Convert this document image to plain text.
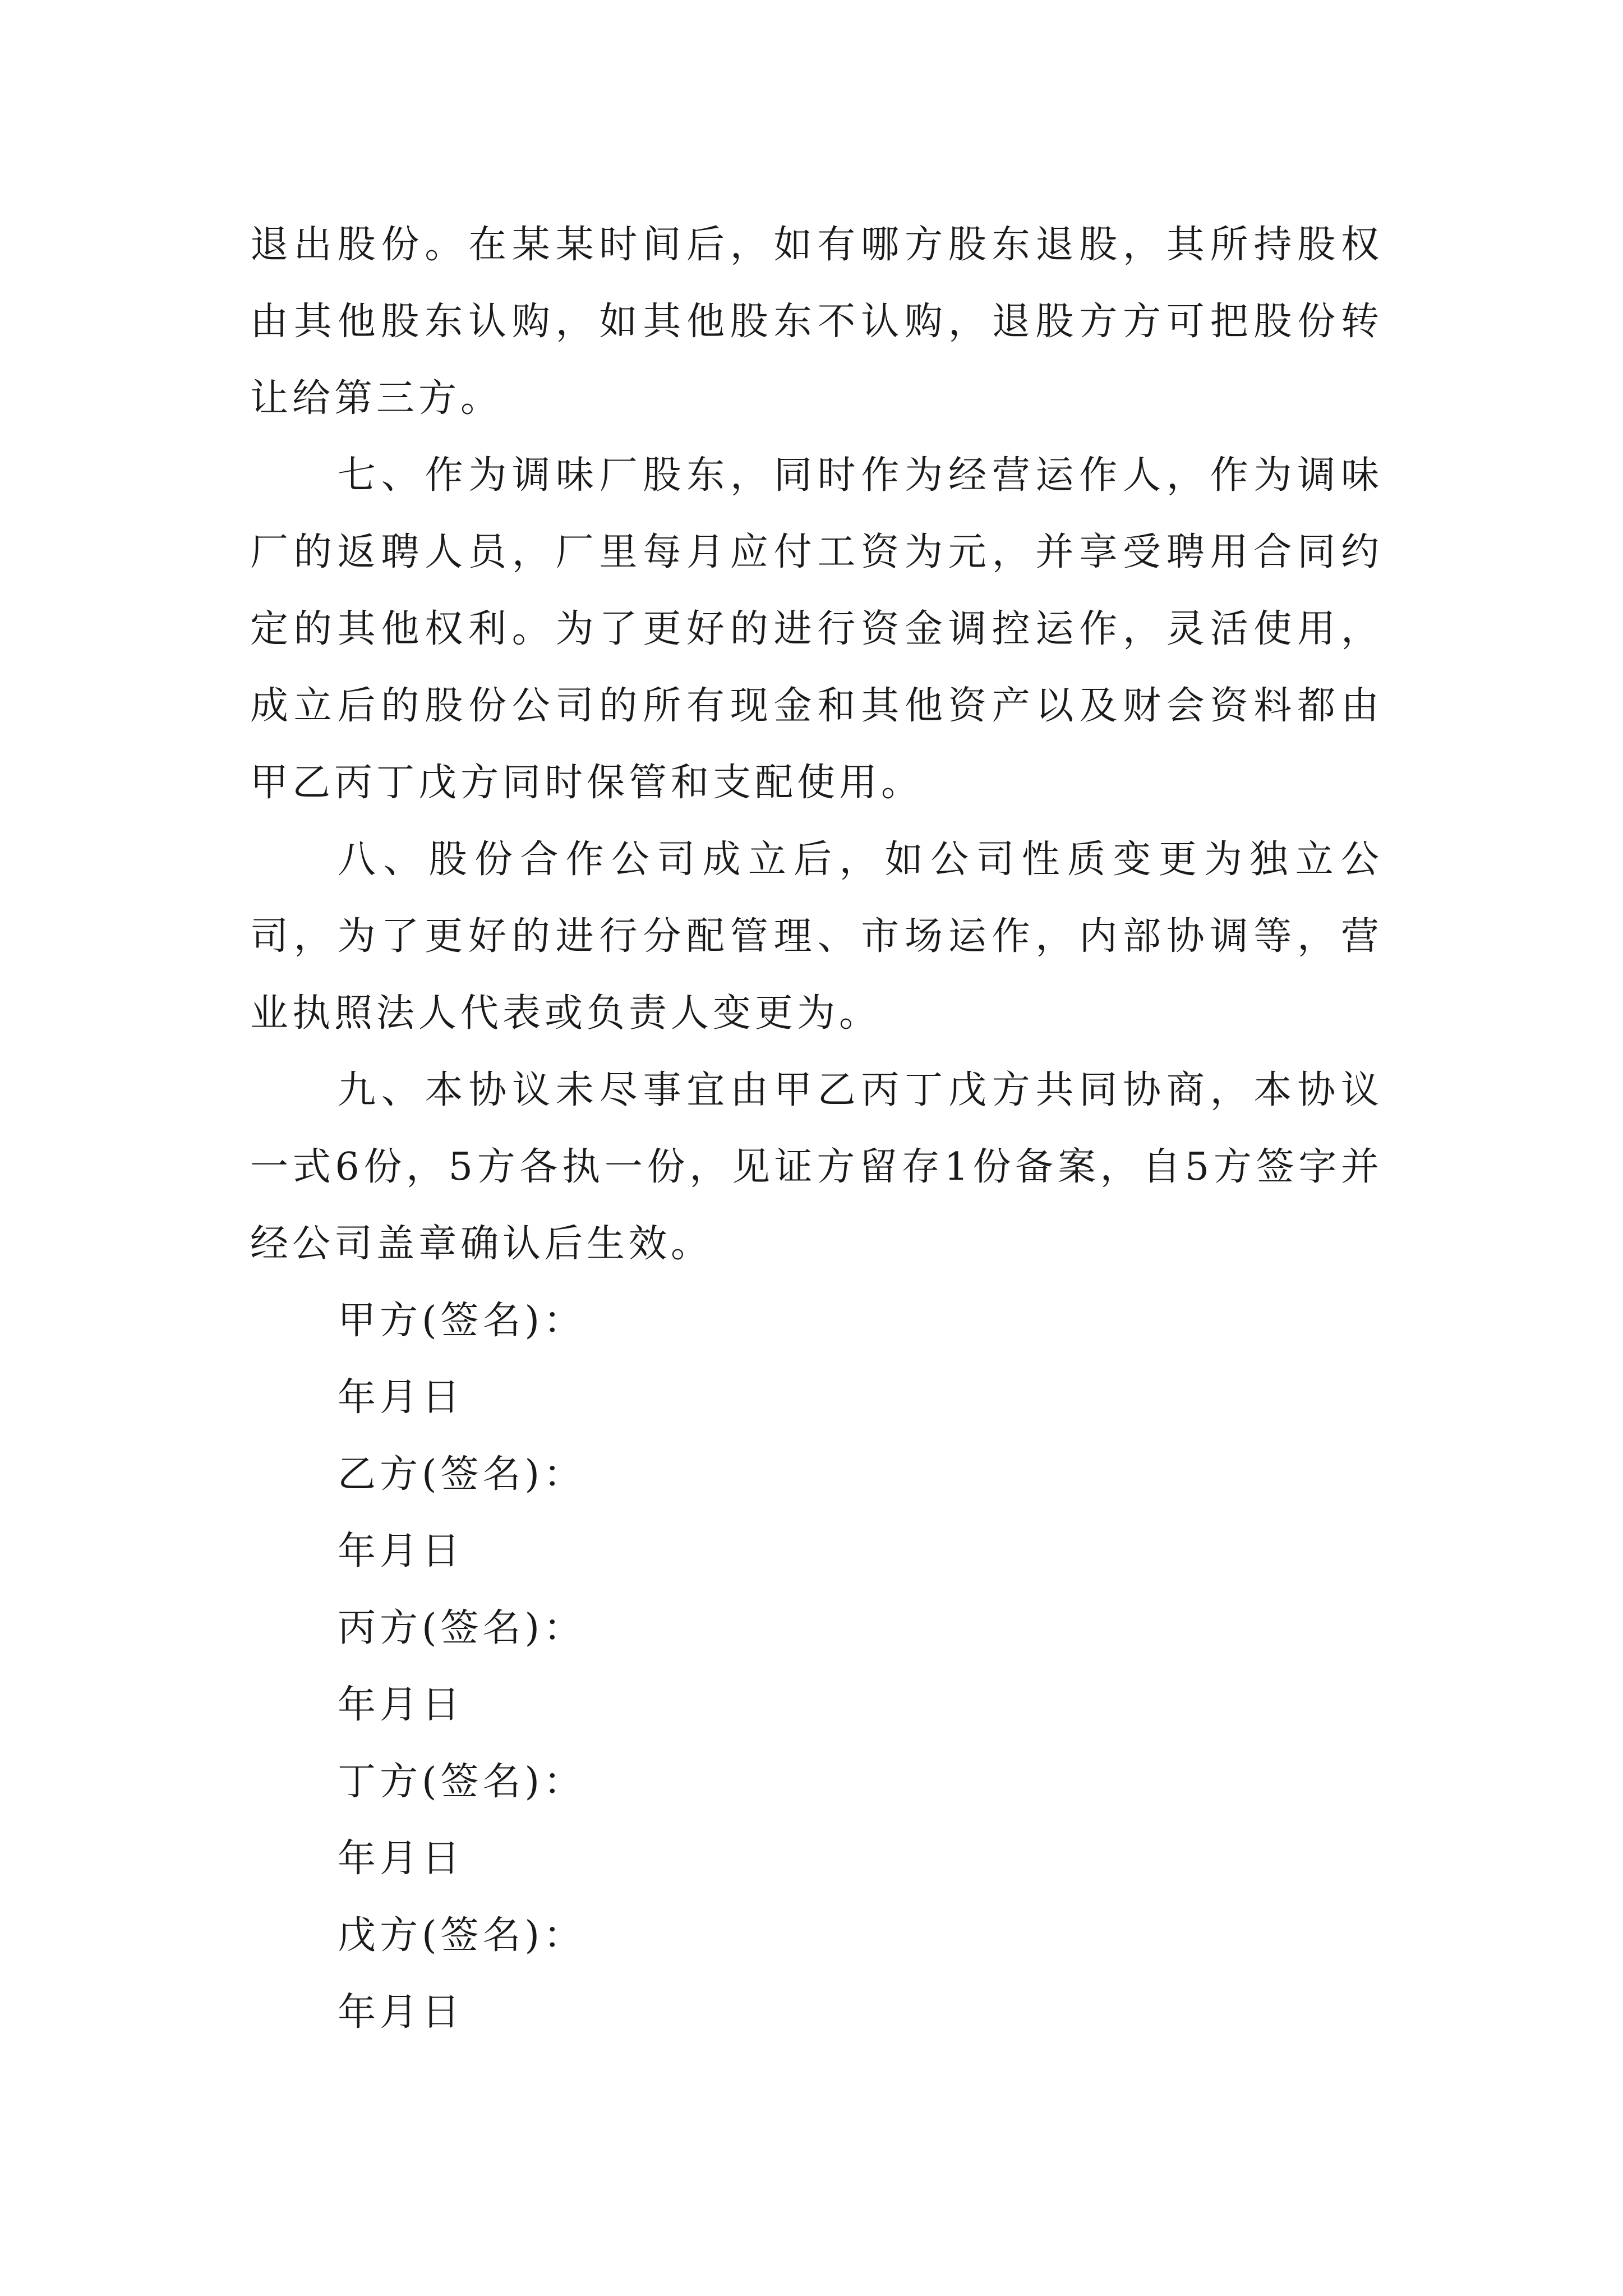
退出股份。在某某时间后，如有哪方股东退股，其所持股权由其他股东认购，如其他股东不认购，退股方方可把股份转让给第三方。

七、作为调味厂股东，同时作为经营运作人，作为调味厂的返聘人员，厂里每月应付工资为元，并享受聘用合同约定的其他权利。为了更好的进行资金调控运作，灵活使用，成立后的股份公司的所有现金和其他资产以及财会资料都由甲乙丙丁戊方同时保管和支配使用。

八、股份合作公司成立后，如公司性质变更为独立公司，为了更好的进行分配管理、市场运作，内部协调等，营业执照法人代表或负责人变更为。

九、本协议未尽事宜由甲乙丙丁戊方共同协商，本协议一式6份，5方各执一份，见证方留存1份备案，自5方签字并经公司盖章确认后生效。

甲方(签名)：

年月日

乙方(签名)：

年月日

丙方(签名)：

年月日

丁方(签名)：

年月日

戊方(签名)：

年月日
